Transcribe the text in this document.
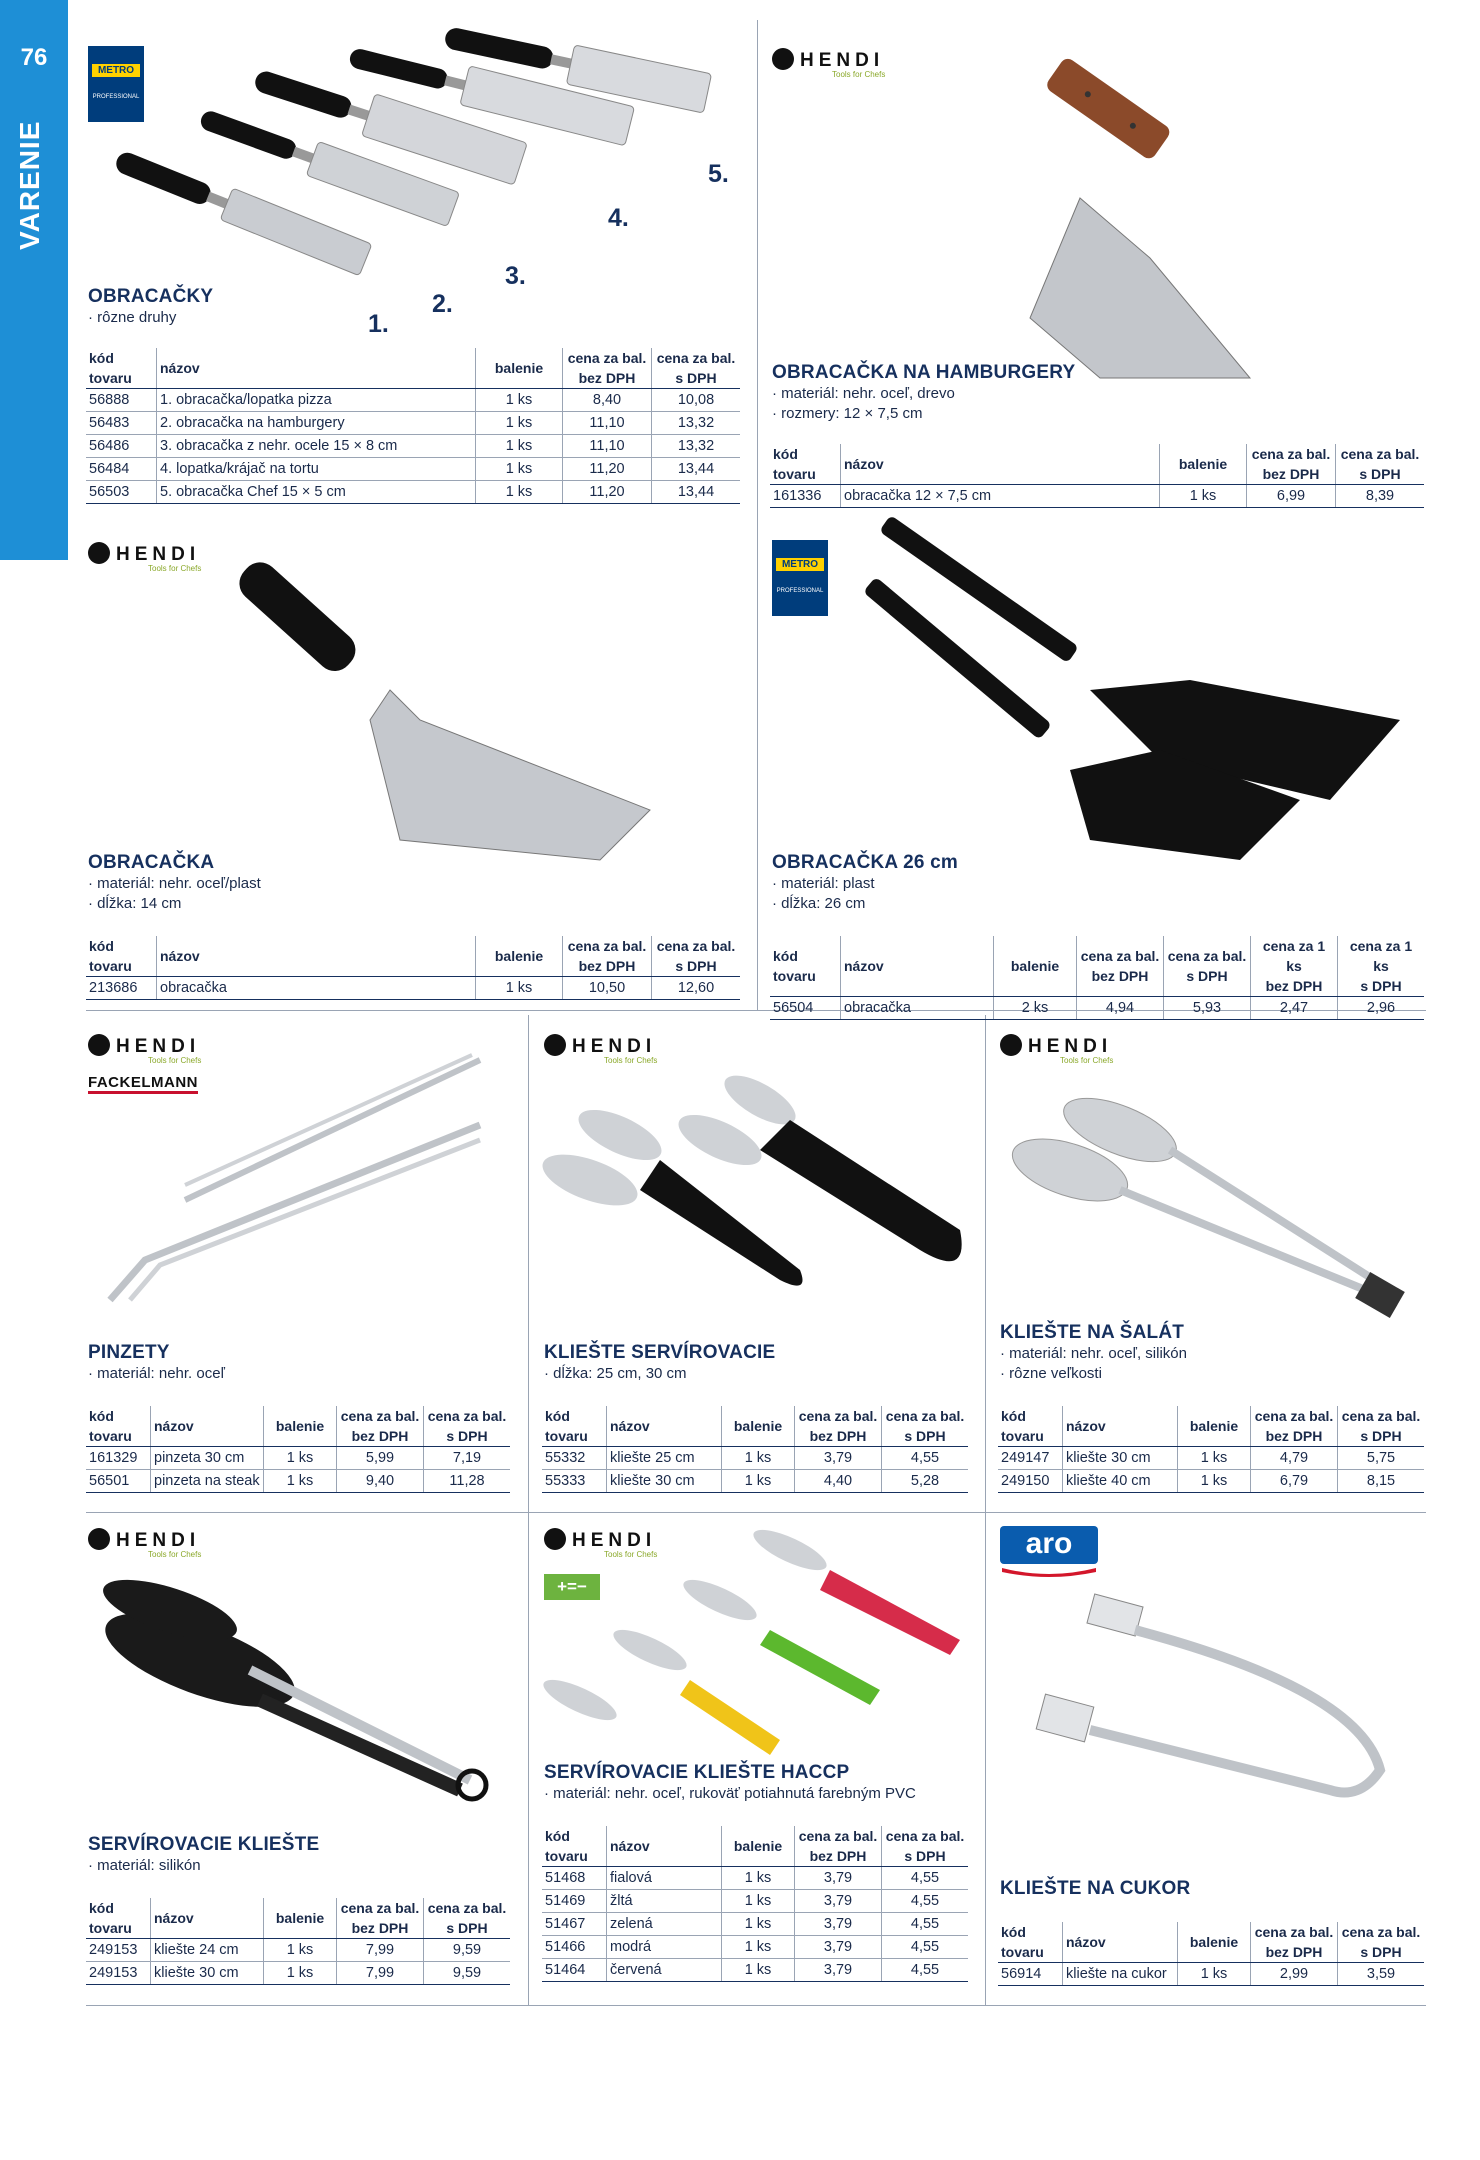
76
VARENIE
METRO
PROFESSIONAL
1.
2.
3.
4.
5.
OBRACAČKY
· rôzne druhy
kód
tovaru	názov	balenie	cena za bal.
bez DPH	cena za bal.
s DPH
56888	1. obracačka/lopatka pizza	1 ks	8,40	10,08
56483	2. obracačka na hamburgery	1 ks	11,10	13,32
56486	3. obracačka z nehr. ocele 15 × 8 cm	1 ks	11,10	13,32
56484	4. lopatka/krájač na tortu	1 ks	11,20	13,44
56503	5. obracačka Chef 15 × 5 cm	1 ks	11,20	13,44
HENDI
Tools for Chefs
OBRACAČKA NA HAMBURGERY
· materiál: nehr. oceľ, drevo
· rozmery: 12 × 7,5 cm
kód
tovaru	názov	balenie	cena za bal.
bez DPH	cena za bal.
s DPH
161336	obracačka 12 × 7,5 cm	1 ks	6,99	8,39
HENDI
Tools for Chefs
OBRACAČKA
· materiál: nehr. oceľ/plast
· dĺžka: 14 cm
kód
tovaru	názov	balenie	cena za bal.
bez DPH	cena za bal.
s DPH
213686	obracačka	1 ks	10,50	12,60
METRO
PROFESSIONAL
OBRACAČKA 26 cm
· materiál: plast
· dĺžka: 26 cm
kód
tovaru	názov	balenie	cena za bal.
bez DPH	cena za bal.
s DPH	cena za 1 ks
bez DPH	cena za 1 ks
s DPH
56504	obracačka	2 ks	4,94	5,93	2,47	2,96
HENDI
Tools for Chefs
FACKELMANN
PINZETY
· materiál: nehr. oceľ
kód
tovaru	názov	balenie	cena za bal.
bez DPH	cena za bal.
s DPH
161329	pinzeta 30 cm	1 ks	5,99	7,19
56501	pinzeta na steak	1 ks	9,40	11,28
HENDI
Tools for Chefs
KLIEŠTE SERVÍROVACIE
· dĺžka: 25 cm, 30 cm
kód
tovaru	názov	balenie	cena za bal.
bez DPH	cena za bal.
s DPH
55332	kliešte 25 cm	1 ks	3,79	4,55
55333	kliešte 30 cm	1 ks	4,40	5,28
HENDI
Tools for Chefs
KLIEŠTE NA ŠALÁT
· materiál: nehr. oceľ, silikón
· rôzne veľkosti
kód
tovaru	názov	balenie	cena za bal.
bez DPH	cena za bal.
s DPH
249147	kliešte 30 cm	1 ks	4,79	5,75
249150	kliešte 40 cm	1 ks	6,79	8,15
HENDI
Tools for Chefs
SERVÍROVACIE KLIEŠTE
· materiál: silikón
kód
tovaru	názov	balenie	cena za bal.
bez DPH	cena za bal.
s DPH
249153	kliešte 24 cm	1 ks	7,99	9,59
249153	kliešte 30 cm	1 ks	7,99	9,59
HENDI
Tools for Chefs
+=−
SERVÍROVACIE KLIEŠTE HACCP
· materiál: nehr. oceľ, rukoväť potiahnutá farebným PVC
kód
tovaru	názov	balenie	cena za bal.
bez DPH	cena za bal.
s DPH
51468	fialová	1 ks	3,79	4,55
51469	žltá	1 ks	3,79	4,55
51467	zelená	1 ks	3,79	4,55
51466	modrá	1 ks	3,79	4,55
51464	červená	1 ks	3,79	4,55
aro
KLIEŠTE NA CUKOR
kód
tovaru	názov	balenie	cena za bal.
bez DPH	cena za bal.
s DPH
56914	kliešte na cukor	1 ks	2,99	3,59
